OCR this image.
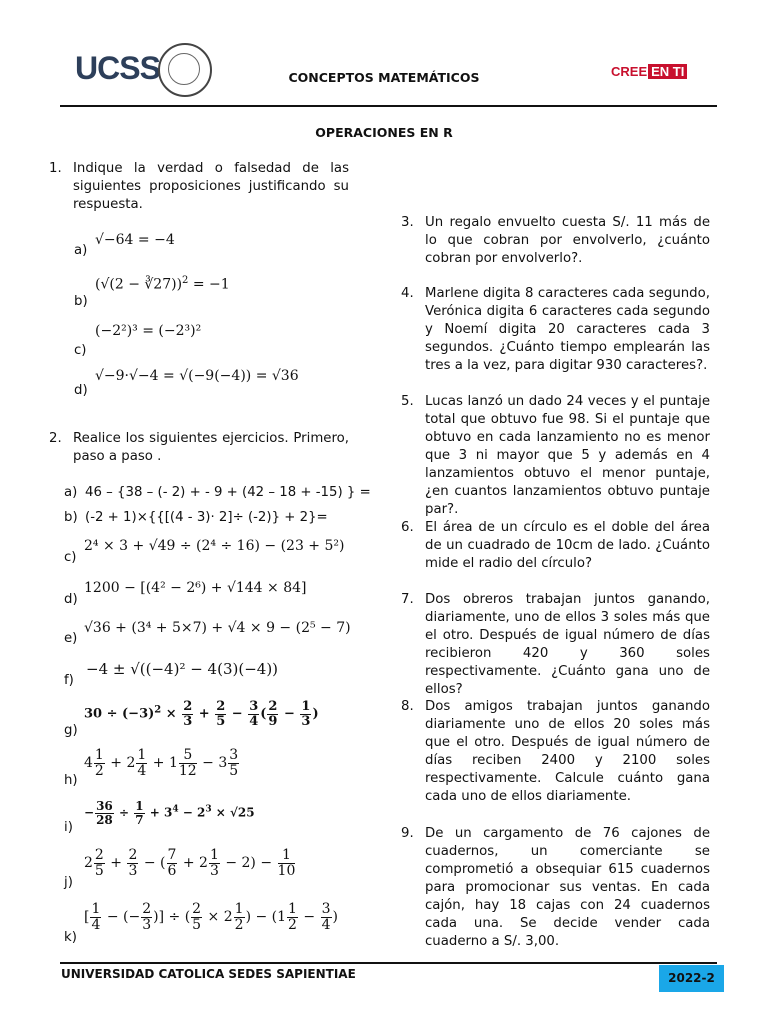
UCSS	CONCEPTOS MATEMÁTICOS	CREE EN TI
OPERACIONES EN R
1. Indique la verdad o falsedad de las siguientes proposiciones justificando su respuesta.
a)
√−64 = −4
b)
(√(2 − ∛27))$^2$ = −1
c)
(−2²)³ = (−2³)²
d)
√−9·√−4 = √(−9(−4)) = √36
2. Realice los siguientes ejercicios. Primero, paso a paso .
a) 46 – {38 – (- 2) + - 9 + (42 – 18 + -15) } =
b) (-2 + 1)×{{[(4 - 3)· 2]÷ (-2)} + 2}=
c)
2⁴ × 3 + √49 ÷ (2⁴ ÷ 16) − (23 + 5²)
d)
1200 − [(4² − 2⁶) + √144 × 84]
e)
√36 + (3⁴ + 5×7) + √4 × 9 − (2⁵ − 7)
f)
−4 ± √((−4)² − 4(3)(−4))
g)
$30 \div (-3)^2 \times \frac{2}{3} + \frac{2}{5} - \frac{3}{4}$ ( $\frac{2}{9} - \frac{1}{3}$ )
h)
$4 \frac{1}{2} + 2 \frac{1}{4} + 1 \frac{5}{12} - 3 \frac{3}{5}$
i)
− $\frac{36}{28} \div \frac{1}{7} + 3^4 - 2^3 \times √25$
j)
$2 \frac{2}{5} + \frac{2}{3}$ − ( $\frac{7}{6} + 2 \frac{1}{3} - 2) - \frac{1}{10}$
k)
[ $\frac{1}{4}$ − (− $\frac{2}{3}$ )] ÷ ( $\frac{2}{5} \times 2 \frac{1}{2}$ ) − ($1 \frac{1}{2} - \frac{3}{4}$ )
3. Un regalo envuelto cuesta S/. 11 más de lo que cobran por envolverlo, ¿cuánto cobran por envolverlo?.
4. Marlene digita 8 caracteres cada segundo, Verónica digita 6 caracteres cada segundo y Noemí digita 20 caracteres cada 3 segundos. ¿Cuánto tiempo emplearán las tres a la vez, para digitar 930 caracteres?.
5. Lucas lanzó un dado 24 veces y el puntaje total que obtuvo fue 98. Si el puntaje que obtuvo en cada lanzamiento no es menor que 3 ni mayor que 5 y además en 4 lanzamientos obtuvo el menor puntaje, ¿en cuantos lanzamientos obtuvo puntaje par?.
6. El área de un círculo es el doble del área de un cuadrado de 10cm de lado. ¿Cuánto mide el radio del círculo?
7. Dos obreros trabajan juntos ganando, diariamente, uno de ellos 3 soles más que el otro. Después de igual número de días recibieron 420 y 360 soles respectivamente. ¿Cuánto gana uno de ellos?
8. Dos amigos trabajan juntos ganando diariamente uno de ellos 20 soles más que el otro. Después de igual número de días reciben 2400 y 2100 soles respectivamente. Calcule cuánto gana cada uno de ellos diariamente.
9. De un cargamento de 76 cajones de cuadernos, un comerciante se comprometió a obsequiar 615 cuadernos para promocionar sus ventas. En cada cajón, hay 18 cajas con 24 cuadernos cada una. Se decide vender cada cuaderno a S/. 3,00.
UNIVERSIDAD CATOLICA SEDES SAPIENTIAE	2022-2
